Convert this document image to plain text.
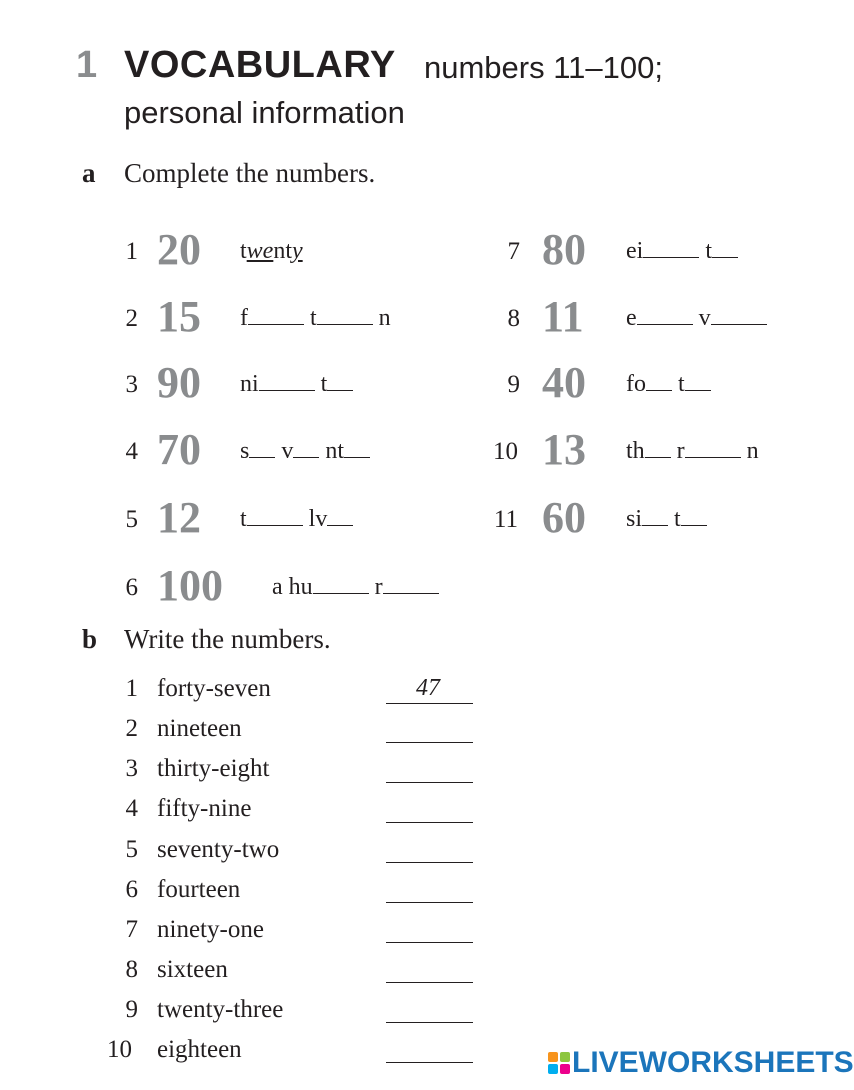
1 VOCABULARY numbers 11–100;
personal information
a Complete the numbers.
1 20 twenty
2 15 f	t	n
3 90 ni	t
4 70 s v nt
5 12 t	lv
6 100 a hu	r
7 80 ei	t
8 11 e	v
9 40 fo t
10 13 th r	n
11 60 si t
b Write the numbers.
1 forty-seven	47
2 nineteen
3 thirty-eight
4 fifty-nine
5 seventy-two
6 fourteen
7 ninety-one
8 sixteen
9 twenty-three
10 eighteen	LIVEWORKSHEETS
